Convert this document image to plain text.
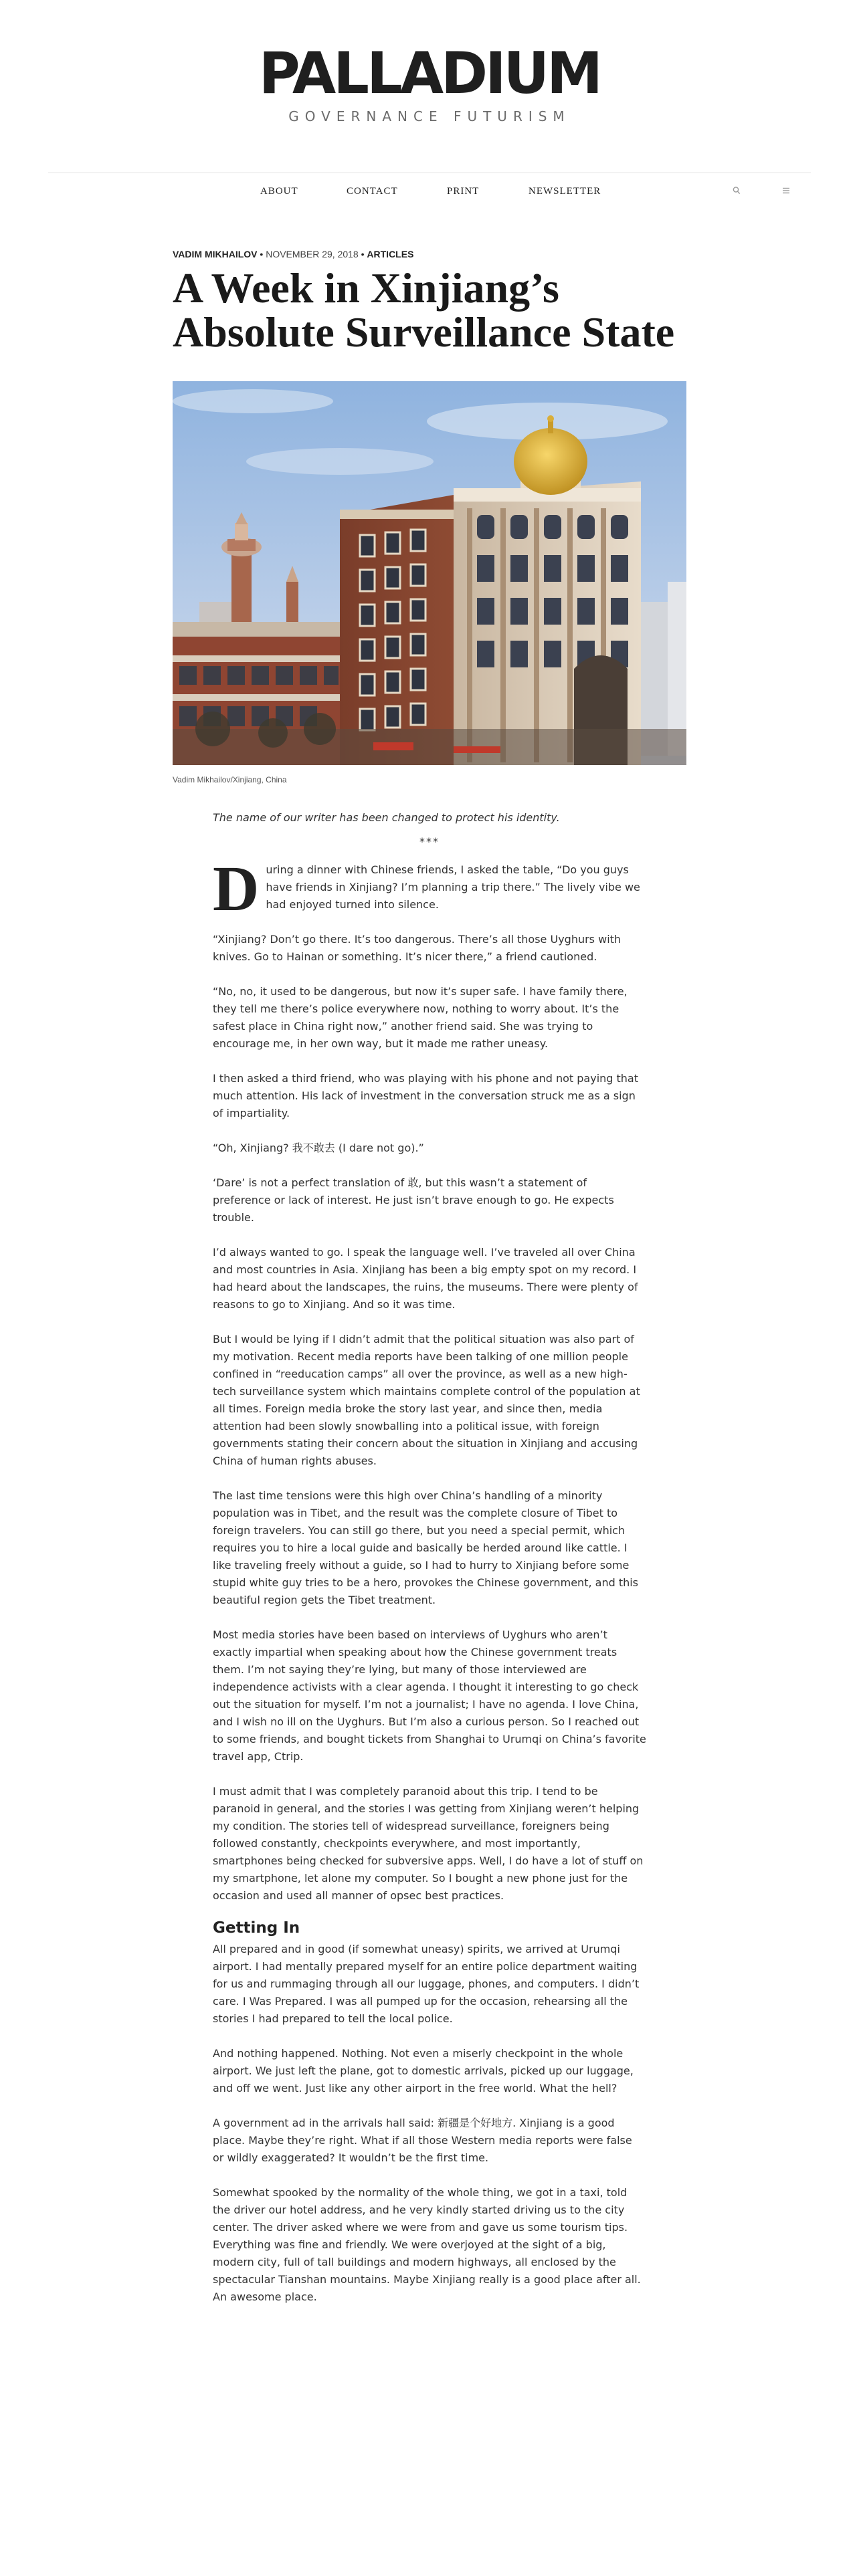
PALLADIUM
GOVERNANCE FUTURISM
ABOUT	CONTACT	PRINT	NEWSLETTER
VADIM MIKHAILOV • NOVEMBER 29, 2018 • ARTICLES
A Week in Xinjiang’s Absolute Surveillance State
Vadim Mikhailov/Xinjiang, China

The name of our writer has been changed to protect his identity.

***

During a dinner with Chinese friends, I asked the table, “Do you guys have friends in Xinjiang? I’m planning a trip there.” The lively vibe we had enjoyed turned into silence.

“Xinjiang? Don’t go there. It’s too dangerous. There’s all those Uyghurs with knives. Go to Hainan or something. It’s nicer there,” a friend cautioned.

“No, no, it used to be dangerous, but now it’s super safe. I have family there, they tell me there’s police everywhere now, nothing to worry about. It’s the safest place in China right now,” another friend said. She was trying to encourage me, in her own way, but it made me rather uneasy.

I then asked a third friend, who was playing with his phone and not paying that much attention. His lack of investment in the conversation struck me as a sign of impartiality.

“Oh, Xinjiang? 我不敢去 (I dare not go).”

‘Dare’ is not a perfect translation of 敢, but this wasn’t a statement of preference or lack of interest. He just isn’t brave enough to go. He expects trouble.

I’d always wanted to go. I speak the language well. I’ve traveled all over China and most countries in Asia. Xinjiang has been a big empty spot on my record. I had heard about the landscapes, the ruins, the museums. There were plenty of reasons to go to Xinjiang. And so it was time.

But I would be lying if I didn’t admit that the political situation was also part of my motivation. Recent media reports have been talking of one million people confined in “reeducation camps” all over the province, as well as a new high-tech surveillance system which maintains complete control of the population at all times. Foreign media broke the story last year, and since then, media attention had been slowly snowballing into a political issue, with foreign governments stating their concern about the situation in Xinjiang and accusing China of human rights abuses.

The last time tensions were this high over China’s handling of a minority population was in Tibet, and the result was the complete closure of Tibet to foreign travelers. You can still go there, but you need a special permit, which requires you to hire a local guide and basically be herded around like cattle. I like traveling freely without a guide, so I had to hurry to Xinjiang before some stupid white guy tries to be a hero, provokes the Chinese government, and this beautiful region gets the Tibet treatment.

Most media stories have been based on interviews of Uyghurs who aren’t exactly impartial when speaking about how the Chinese government treats them. I’m not saying they’re lying, but many of those interviewed are independence activists with a clear agenda. I thought it interesting to go check out the situation for myself. I’m not a journalist; I have no agenda. I love China, and I wish no ill on the Uyghurs. But I’m also a curious person. So I reached out to some friends, and bought tickets from Shanghai to Urumqi on China’s favorite travel app, Ctrip.

I must admit that I was completely paranoid about this trip. I tend to be paranoid in general, and the stories I was getting from Xinjiang weren’t helping my condition. The stories tell of widespread surveillance, foreigners being followed constantly, checkpoints everywhere, and most importantly, smartphones being checked for subversive apps. Well, I do have a lot of stuff on my smartphone, let alone my computer. So I bought a new phone just for the occasion and used all manner of opsec best practices.

Getting In

All prepared and in good (if somewhat uneasy) spirits, we arrived at Urumqi airport. I had mentally prepared myself for an entire police department waiting for us and rummaging through all our luggage, phones, and computers. I didn’t care. I Was Prepared. I was all pumped up for the occasion, rehearsing all the stories I had prepared to tell the local police.

And nothing happened. Nothing. Not even a miserly checkpoint in the whole airport. We just left the plane, got to domestic arrivals, picked up our luggage, and off we went. Just like any other airport in the free world. What the hell?

A government ad in the arrivals hall said: 新疆是个好地方. Xinjiang is a good place. Maybe they’re right. What if all those Western media reports were false or wildly exaggerated? It wouldn’t be the first time.

Somewhat spooked by the normality of the whole thing, we got in a taxi, told the driver our hotel address, and he very kindly started driving us to the city center. The driver asked where we were from and gave us some tourism tips. Everything was fine and friendly. We were overjoyed at the sight of a big, modern city, full of tall buildings and modern highways, all enclosed by the spectacular Tianshan mountains. Maybe Xinjiang really is a good place after all. An awesome place.
